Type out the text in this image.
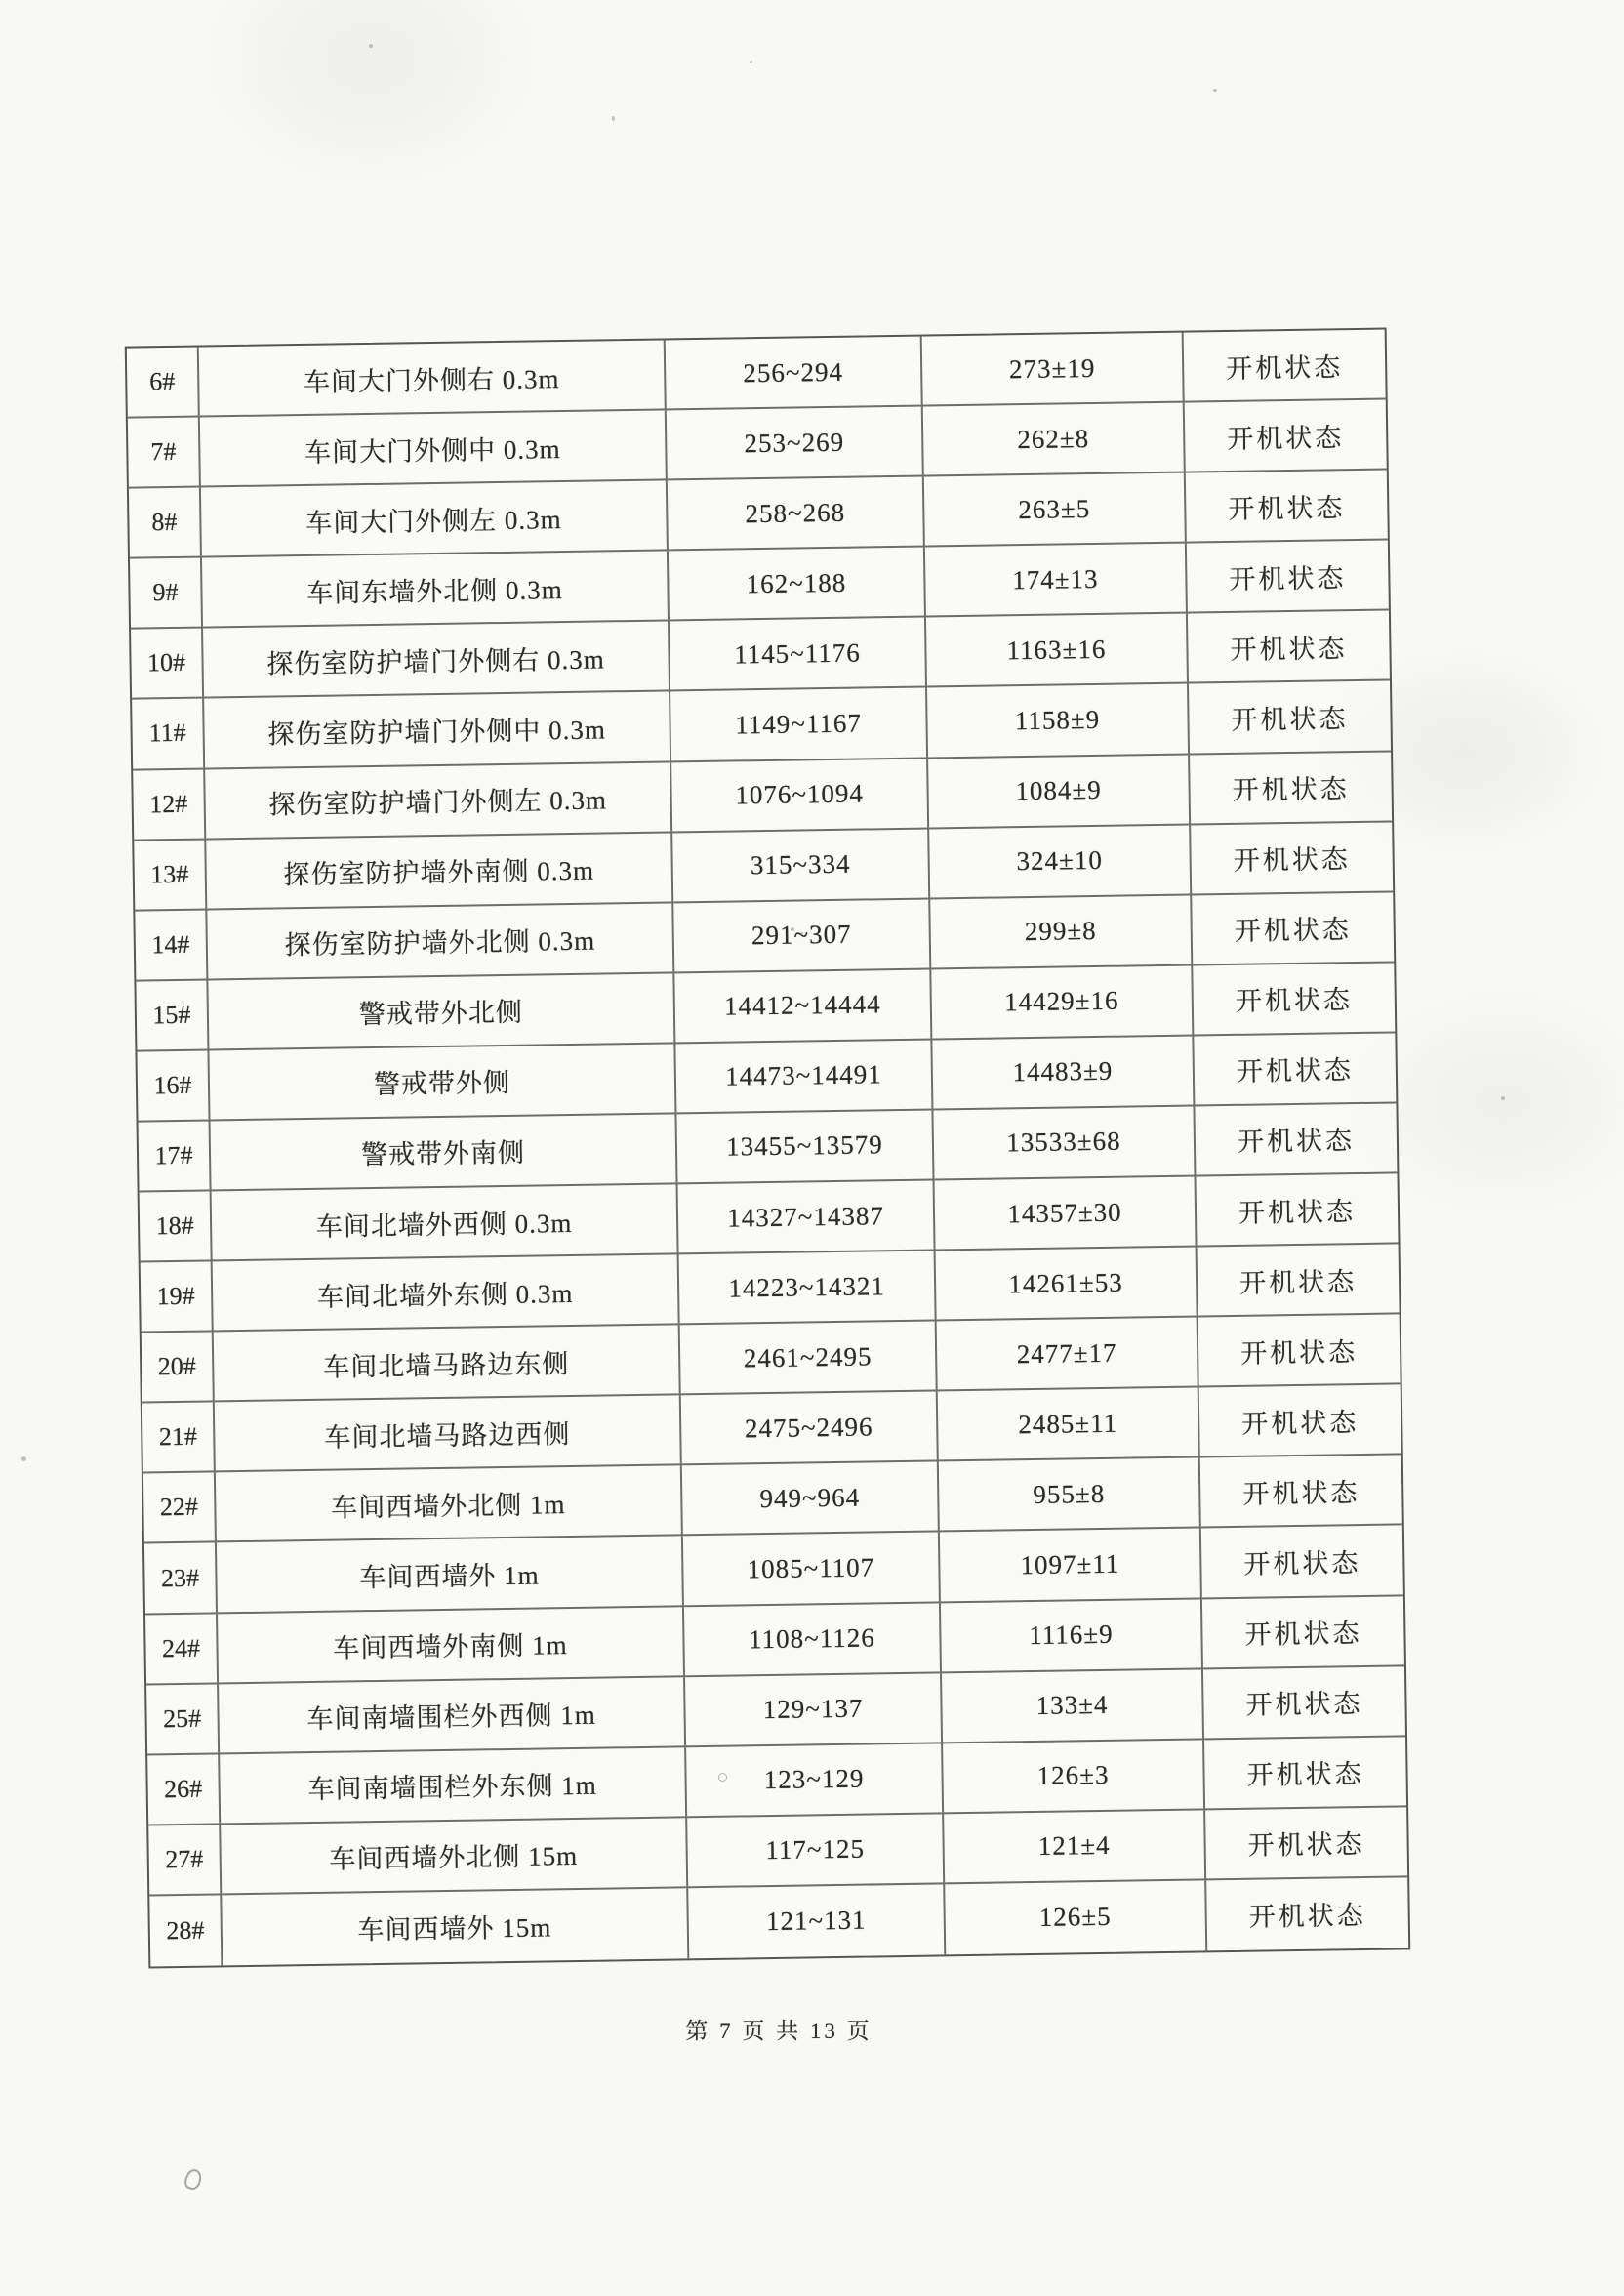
6#	车间大门外侧右 0.3m	256~294	273±19	开机状态
7#	车间大门外侧中 0.3m	253~269	262±8	开机状态
8#	车间大门外侧左 0.3m	258~268	263±5	开机状态
9#	车间东墙外北侧 0.3m	162~188	174±13	开机状态
10#	探伤室防护墙门外侧右 0.3m	1145~1176	1163±16	开机状态
11#	探伤室防护墙门外侧中 0.3m	1149~1167	1158±9	开机状态
12#	探伤室防护墙门外侧左 0.3m	1076~1094	1084±9	开机状态
13#	探伤室防护墙外南侧 0.3m	315~334	324±10	开机状态
14#	探伤室防护墙外北侧 0.3m	291~307	299±8	开机状态
15#	警戒带外北侧	14412~14444	14429±16	开机状态
16#	警戒带外侧	14473~14491	14483±9	开机状态
17#	警戒带外南侧	13455~13579	13533±68	开机状态
18#	车间北墙外西侧 0.3m	14327~14387	14357±30	开机状态
19#	车间北墙外东侧 0.3m	14223~14321	14261±53	开机状态
20#	车间北墙马路边东侧	2461~2495	2477±17	开机状态
21#	车间北墙马路边西侧	2475~2496	2485±11	开机状态
22#	车间西墙外北侧 1m	949~964	955±8	开机状态
23#	车间西墙外 1m	1085~1107	1097±11	开机状态
24#	车间西墙外南侧 1m	1108~1126	1116±9	开机状态
25#	车间南墙围栏外西侧 1m	129~137	133±4	开机状态
26#	车间南墙围栏外东侧 1m	123~129	126±3	开机状态
27#	车间西墙外北侧 15m	117~125	121±4	开机状态
28#	车间西墙外 15m	121~131	126±5	开机状态
第 7 页 共 13 页
